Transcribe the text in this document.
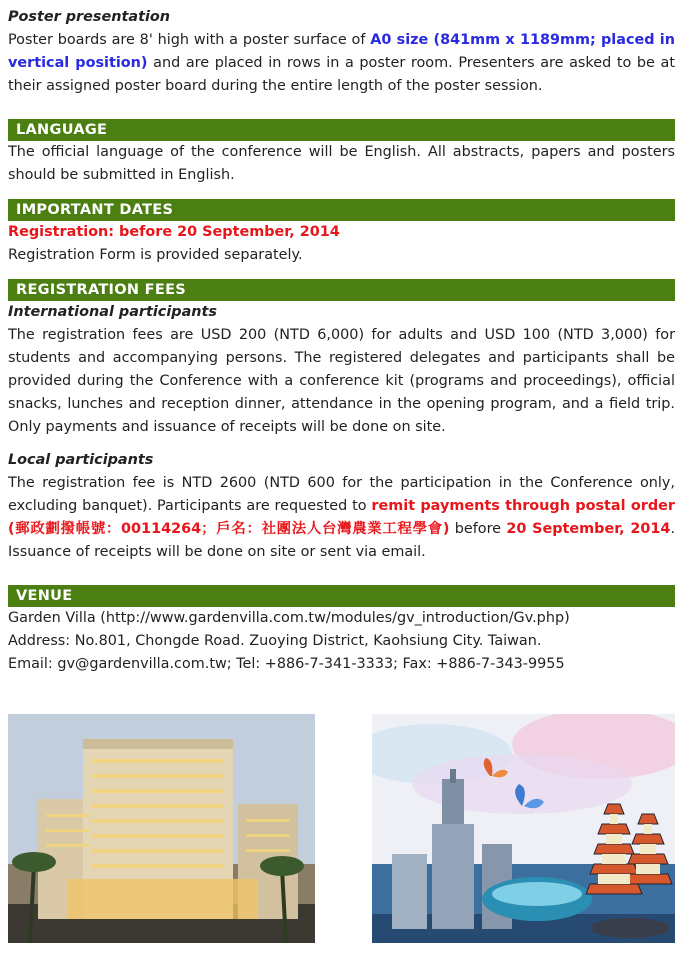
Poster presentation

Poster boards are 8' high with a poster surface of A0 size (841mm x 1189mm; placed in vertical position) and are placed in rows in a poster room. Presenters are asked to be at their assigned poster board during the entire length of the poster session.

LANGUAGE

The official language of the conference will be English. All abstracts, papers and posters should be submitted in English.

IMPORTANT DATES

Registration: before 20 September, 2014

Registration Form is provided separately.

REGISTRATION FEES

International participants

The registration fees are USD 200 (NTD 6,000) for adults and USD 100 (NTD 3,000) for students and accompanying persons. The registered delegates and participants shall be provided during the Conference with a conference kit (programs and proceedings), official snacks, lunches and reception dinner, attendance in the opening program, and a field trip. Only payments and issuance of receipts will be done on site.

Local participants

The registration fee is NTD 2600 (NTD 600 for the participation in the Conference only, excluding banquet). Participants are requested to remit payments through postal order (郵政劃撥帳號：00114264；戶名：社團法人台灣農業工程學會) before 20 September, 2014. Issuance of receipts will be done on site or sent via email.

VENUE

Garden Villa (http://www.gardenvilla.com.tw/modules/gv_introduction/Gv.php)

Address: No.801, Chongde Road. Zuoying District, Kaohsiung City. Taiwan.

Email: gv@gardenvilla.com.tw; Tel: +886-7-341-3333; Fax: +886-7-343-9955
